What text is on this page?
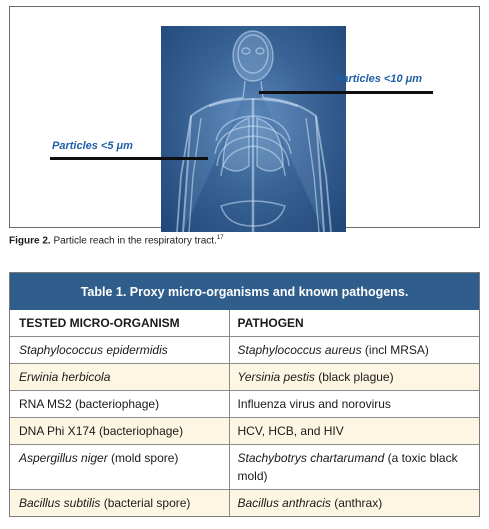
Particles <10 μm
Particles <5 μm
Figure 2. Particle reach in the respiratory tract.$^{17}$
Table 1. Proxy micro-organisms and known pathogens.
TESTED MICRO-ORGANISM	PATHOGEN
Staphylococcus epidermidis	Staphylococcus aureus (incl MRSA)
Erwinia herbicola	Yersinia pestis (black plague)
RNA MS2 (bacteriophage)	Influenza virus and norovirus
DNA Phi X174 (bacteriophage)	HCV, HCB, and HIV
Aspergillus niger (mold spore)	Stachybotrys chartarumand (a toxic black mold)
Bacillus subtilis (bacterial spore)	Bacillus anthracis (anthrax)
